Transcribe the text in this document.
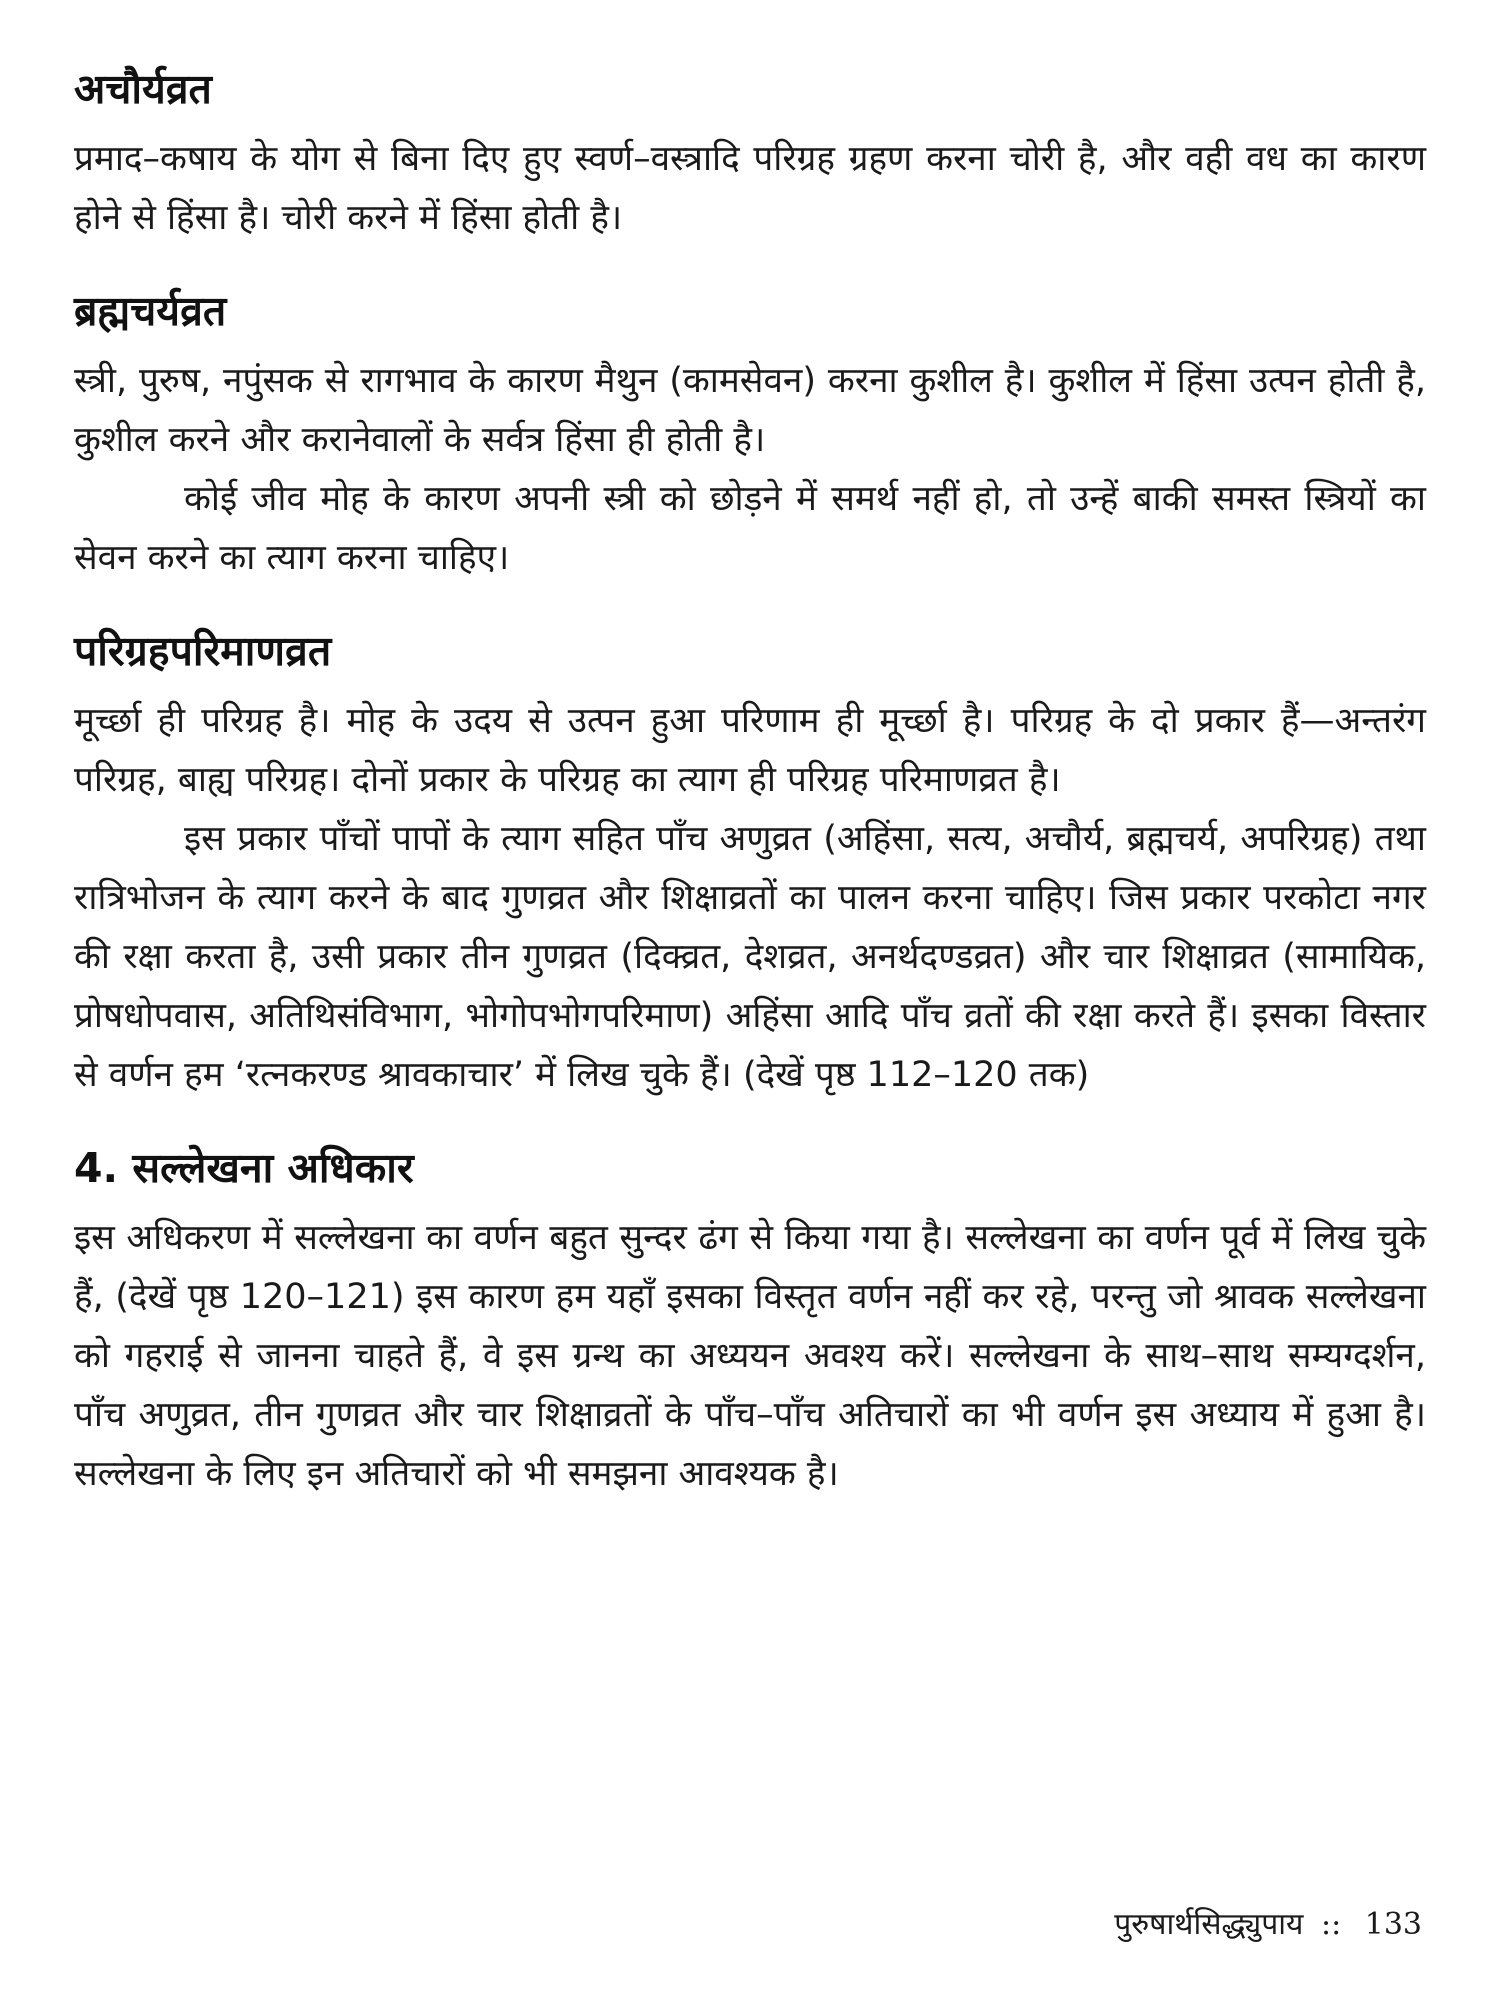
अचौर्यव्रत

प्रमाद–कषाय के योग से बिना दिए हुए स्वर्ण–वस्त्रादि परिग्रह ग्रहण करना चोरी है, और वही वध का कारण होने से हिंसा है। चोरी करने में हिंसा होती है।

ब्रह्मचर्यव्रत

स्त्री, पुरुष, नपुंसक से रागभाव के कारण मैथुन (कामसेवन) करना कुशील है। कुशील में हिंसा उत्पन होती है, कुशील करने और करानेवालों के सर्वत्र हिंसा ही होती है।

कोई जीव मोह के कारण अपनी स्त्री को छोड़ने में समर्थ नहीं हो, तो उन्हें बाकी समस्त स्त्रियों का सेवन करने का त्याग करना चाहिए।

परिग्रहपरिमाणव्रत

मूर्च्छा ही परिग्रह है। मोह के उदय से उत्पन हुआ परिणाम ही मूर्च्छा है। परिग्रह के दो प्रकार हैं—अन्तरंग परिग्रह, बाह्य परिग्रह। दोनों प्रकार के परिग्रह का त्याग ही परिग्रह परिमाणव्रत है।

इस प्रकार पाँचों पापों के त्याग सहित पाँच अणुव्रत (अहिंसा, सत्य, अचौर्य, ब्रह्मचर्य, अपरिग्रह) तथा रात्रिभोजन के त्याग करने के बाद गुणव्रत और शिक्षाव्रतों का पालन करना चाहिए। जिस प्रकार परकोटा नगर की रक्षा करता है, उसी प्रकार तीन गुणव्रत (दिक्व्रत, देशव्रत, अनर्थदण्डव्रत) और चार शिक्षाव्रत (सामायिक, प्रोषधोपवास, अतिथिसंविभाग, भोगोपभोगपरिमाण) अहिंसा आदि पाँच व्रतों की रक्षा करते हैं। इसका विस्तार से वर्णन हम ‘रत्नकरण्ड श्रावकाचार’ में लिख चुके हैं। (देखें पृष्ठ 112–120 तक)

4. सल्लेखना अधिकार

इस अधिकरण में सल्लेखना का वर्णन बहुत सुन्दर ढंग से किया गया है। सल्लेखना का वर्णन पूर्व में लिख चुके हैं, (देखें पृष्ठ 120–121) इस कारण हम यहाँ इसका विस्तृत वर्णन नहीं कर रहे, परन्तु जो श्रावक सल्लेखना को गहराई से जानना चाहते हैं, वे इस ग्रन्थ का अध्ययन अवश्य करें। सल्लेखना के साथ–साथ सम्यग्दर्शन, पाँच अणुव्रत, तीन गुणव्रत और चार शिक्षाव्रतों के पाँच–पाँच अतिचारों का भी वर्णन इस अध्याय में हुआ है। सल्लेखना के लिए इन अतिचारों को भी समझना आवश्यक है।

पुरुषार्थसिद्ध्युपाय :: 133
